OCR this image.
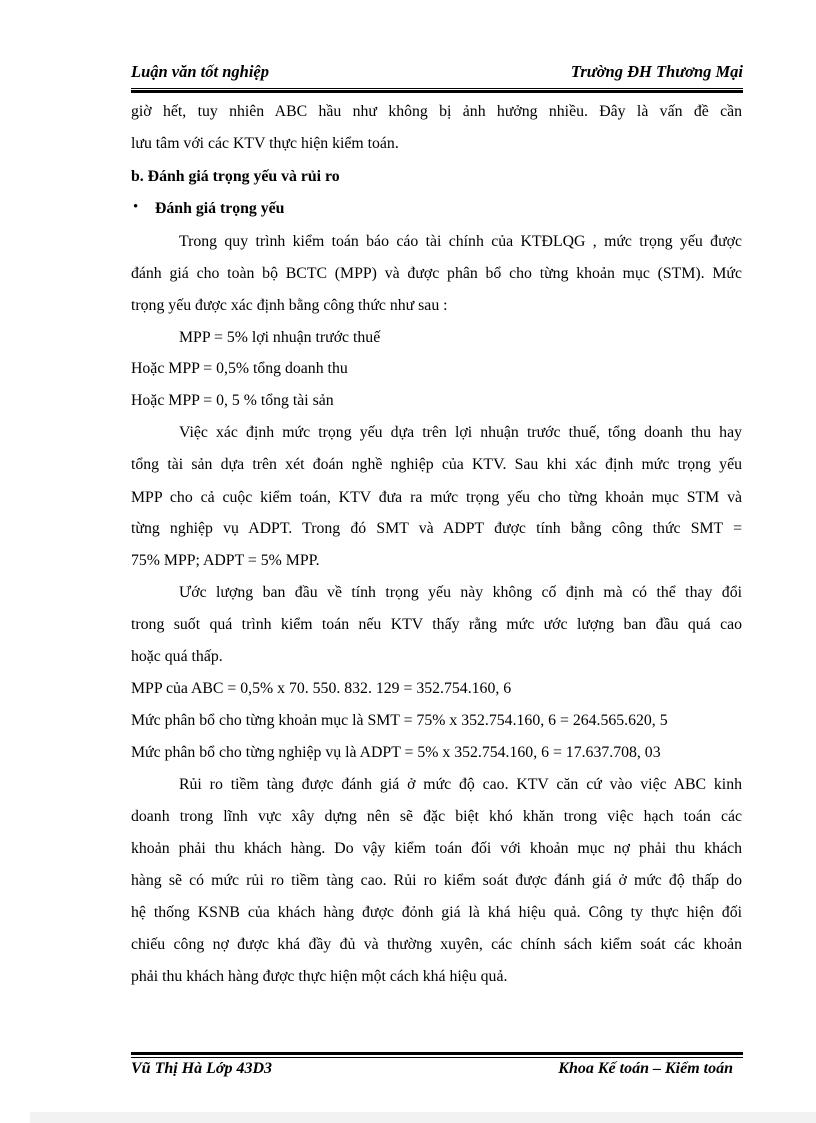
Luận văn tốt nghiệp	Trường ĐH Thương Mại
giờ hết, tuy nhiên ABC hầu như không bị ảnh hưởng nhiều. Đây là vấn đề cần
lưu tâm với các KTV thực hiện kiểm toán.
b. Đánh giá trọng yếu và rủi ro
• Đánh giá trọng yếu
Trong quy trình kiểm toán báo cáo tài chính của KTĐLQG , mức trọng yếu được
đánh giá cho toàn bộ BCTC (MPP) và được phân bổ cho từng khoản mục (STM). Mức
trọng yếu được xác định bằng công thức như sau :
MPP = 5% lợi nhuận trước thuế
Hoặc MPP = 0,5% tổng doanh thu
Hoặc MPP = 0, 5 % tổng tài sản
Việc xác định mức trọng yếu dựa trên lợi nhuận trước thuế, tổng doanh thu hay
tổng tài sản dựa trên xét đoán nghề nghiệp của KTV. Sau khi xác định mức trọng yếu
MPP cho cả cuộc kiểm toán, KTV đưa ra mức trọng yếu cho từng khoản mục STM và
từng nghiệp vụ ADPT. Trong đó SMT và ADPT được tính bằng công thức SMT =
75% MPP; ADPT = 5% MPP.
Ước lượng ban đầu về tính trọng yếu này không cố định mà có thể thay đổi
trong suốt quá trình kiểm toán nếu KTV thấy rằng mức ước lượng ban đầu quá cao
hoặc quá thấp.
MPP của ABC = 0,5% x 70. 550. 832. 129 = 352.754.160, 6
Mức phân bổ cho từng khoản mục là SMT = 75% x 352.754.160, 6 = 264.565.620, 5
Mức phân bổ cho từng nghiệp vụ là ADPT = 5% x 352.754.160, 6 = 17.637.708, 03
Rủi ro tiềm tàng được đánh giá ở mức độ cao. KTV căn cứ vào việc ABC kinh
doanh trong lĩnh vực xây dựng nên sẽ đặc biệt khó khăn trong việc hạch toán các
khoản phải thu khách hàng. Do vậy kiểm toán đối với khoản mục nợ phải thu khách
hàng sẽ có mức rủi ro tiềm tàng cao. Rủi ro kiểm soát được đánh giá ở mức độ thấp do
hệ thống KSNB của khách hàng được đỏnh giá là khá hiệu quả. Công ty thực hiện đối
chiếu công nợ được khá đầy đủ và thường xuyên, các chính sách kiểm soát các khoản
phải thu khách hàng được thực hiện một cách khá hiệu quả.
Vũ Thị Hà Lớp 43D3	Khoa Kế toán – Kiểm toán
